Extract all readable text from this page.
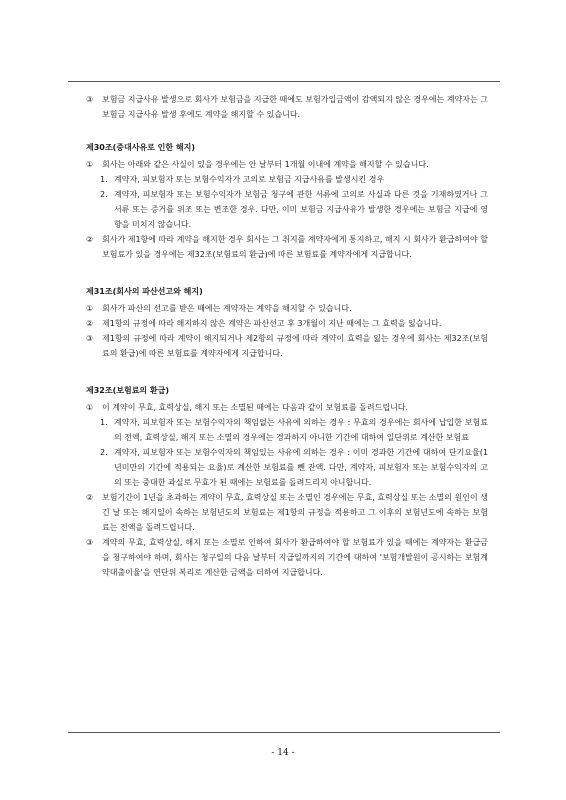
③ 보험금 지급사유 발생으로 회사가 보험금을 지급한 때에도 보험가입금액이 감액되지 않은 경우에는 계약자는 그 보험금 지급사유 발생 후에도 계약을 해지할 수 있습니다.
제30조(중대사유로 인한 해지)
① 회사는 아래와 같은 사실이 있을 경우에는 안 날부터 1개월 이내에 계약을 해지할 수 있습니다.
1. 계약자, 피보험자 또는 보험수익자가 고의로 보험금 지급사유를 발생시킨 경우
2. 계약자, 피보험자 또는 보험수익자가 보험금 청구에 관한 서류에 고의로 사실과 다른 것을 기재하였거나 그 서류 또는 증거를 위조 또는 변조한 경우. 다만, 이미 보험금 지급사유가 발생한 경우에는 보험금 지급에 영향을 미치지 않습니다.
② 회사가 제1항에 따라 계약을 해지한 경우 회사는 그 취지를 계약자에게 통지하고, 해지 시 회사가 환급하여야 할 보험료가 있을 경우에는 제32조(보험료의 환급)에 따른 보험료를 계약자에게 지급합니다.
제31조(회사의 파산선고와 해지)
① 회사가 파산의 선고를 받은 때에는 계약자는 계약을 해지할 수 있습니다.
② 제1항의 규정에 따라 해지하지 않은 계약은 파산선고 후 3개월이 지난 때에는 그 효력을 잃습니다.
③ 제1항의 규정에 따라 계약이 해지되거나 제2항의 규정에 따라 계약이 효력을 잃는 경우에 회사는 제32조(보험료의 환급)에 따른 보험료를 계약자에게 지급합니다.
제32조(보험료의 환급)
① 이 계약이 무효, 효력상실, 해지 또는 소멸된 때에는 다음과 같이 보험료를 돌려드립니다.
1. 계약자, 피보험자 또는 보험수익자의 책임없는 사유에 의하는 경우 : 무효의 경우에는 회사에 납입한 보험료의 전액, 효력상실, 해지 또는 소멸의 경우에는 경과하지 아니한 기간에 대하여 일단위로 계산한 보험료
2. 계약자, 피보험자 또는 보험수익자의 책임있는 사유에 의하는 경우 : 이미 경과한 기간에 대하여 단기요율(1년미만의 기간에 적용되는 요율)로 계산한 보험료를 뺀 잔액. 다만, 계약자, 피보험자 또는 보험수익자의 고의 또는 중대한 과실로 무효가 된 때에는 보험료를 돌려드리지 아니합니다.
② 보험기간이 1년을 초과하는 계약이 무효, 효력상실 또는 소멸인 경우에는 무효, 효력상실 또는 소멸의 원인이 생긴 날 또는 해지일이 속하는 보험년도의 보험료는 제1항의 규정을 적용하고 그 이후의 보험년도에 속하는 보험료는 전액을 돌려드립니다.
③ 계약의 무효, 효력상실, 해지 또는 소멸로 인하여 회사가 환급하여야 할 보험료가 있을 때에는 계약자는 환급금을 청구하여야 하며, 회사는 청구일의 다음 날부터 지급일까지의 기간에 대하여 '보험개발원이 공시하는 보험계약대출이율'을 연단위 복리로 계산한 금액을 더하여 지급합니다.
- 14 -
